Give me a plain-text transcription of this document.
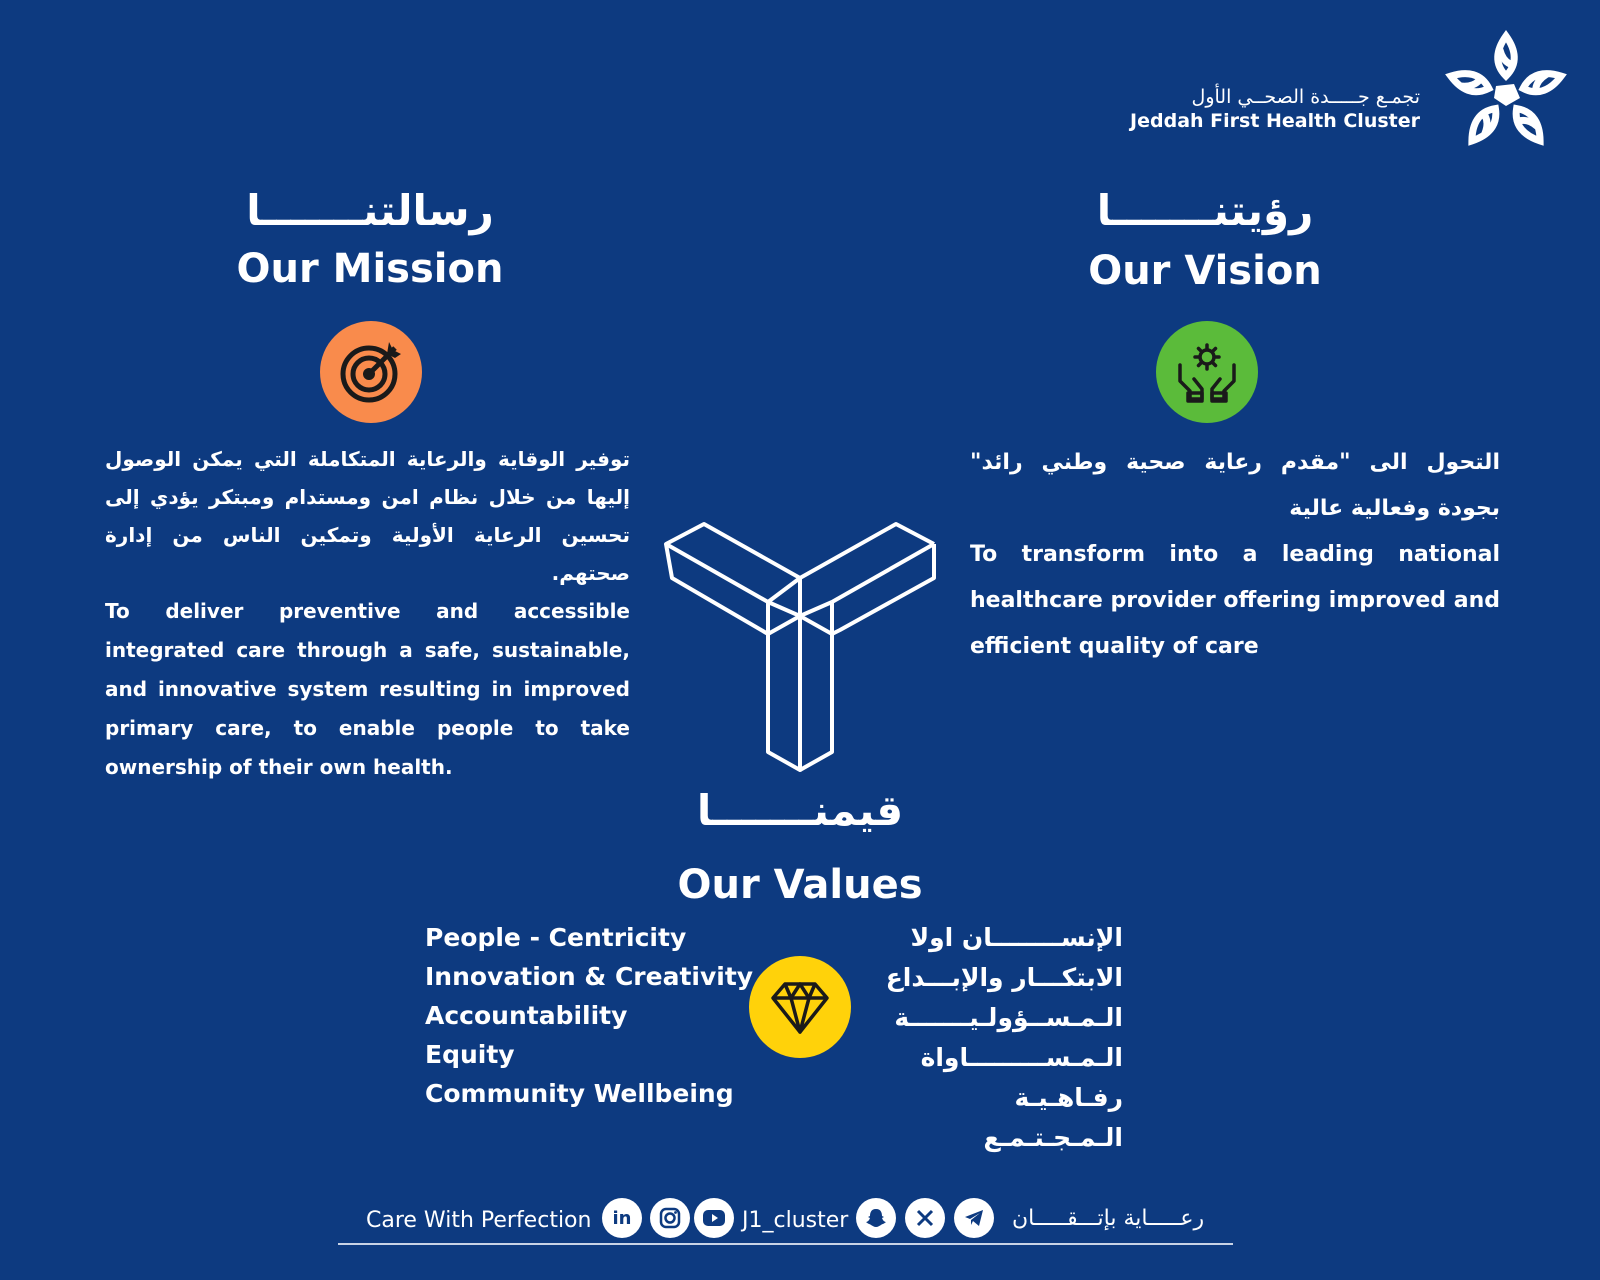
تجمـع جـــــدة الصحــي الأول
Jeddah First Health Cluster
رسالتنـــــــا
Our Mission
توفير الوقاية والرعاية المتكاملة التي يمكن الوصول إليها من خلال نظام امن ومستدام ومبتكر يؤدي إلى تحسين الرعاية الأولية وتمكين الناس من إدارة صحتهم.
To deliver preventive and accessible integrated care through a safe, sustainable, and innovative system resulting in improved primary care, to enable people to take ownership of their own health.
رؤيتنـــــــا
Our Vision
التحول الى "مقدم رعاية صحية وطني رائد" بجودة وفعالية عالية
To transform into a leading national healthcare provider offering improved and efficient quality of care
قيمنـــــــا
Our Values
People - Centricity
Innovation & Creativity
Accountability
Equity
Community Wellbeing
الإنســــــــان اولا
الابتكـــار والإبـــداع
الـمـســؤولـيـــــــة
الـمـســـــــــاواة
رفـاهـيـة الـمـجـتـمـع
Care With Perfection	in	J1_cluster	رعـــــاية بإتـــقـــــان
